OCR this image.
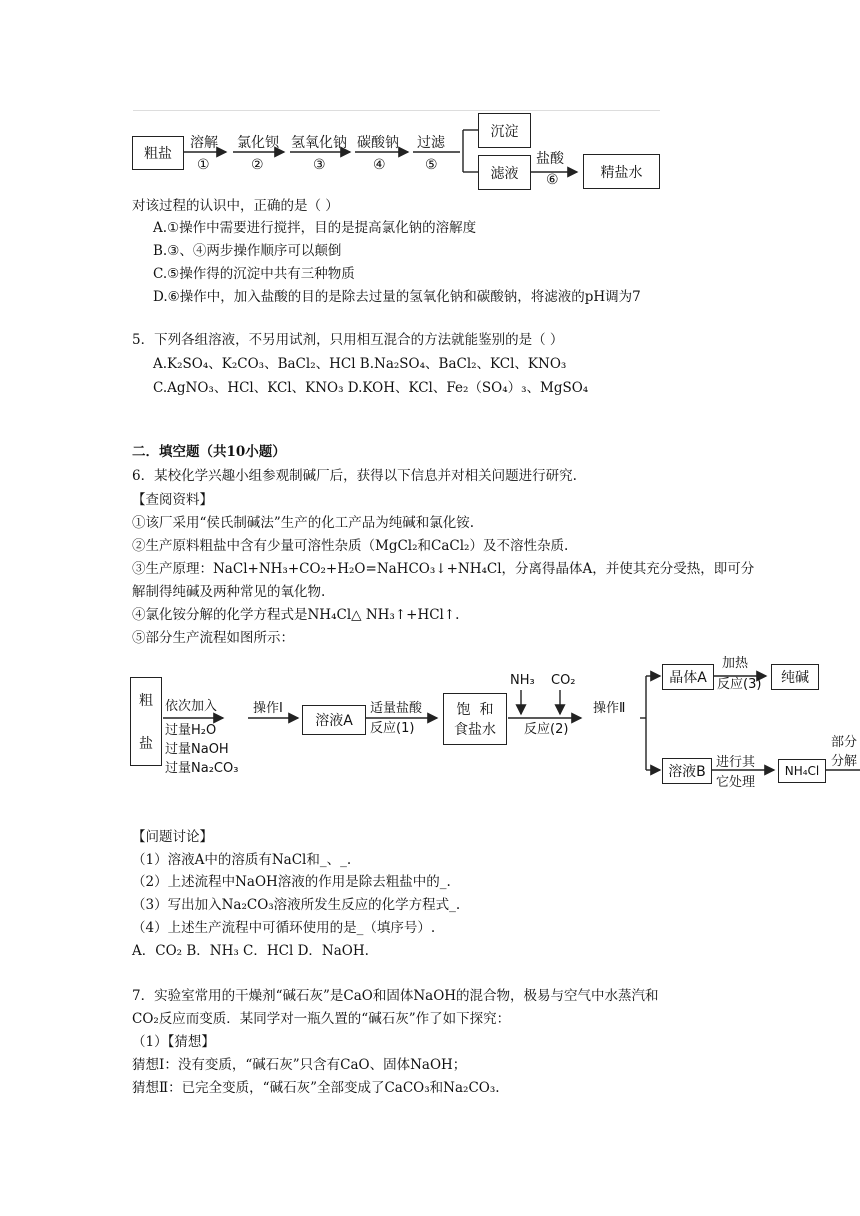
粗盐
溶解
①
氯化钡
②
氢氧化钠
③
碳酸钠
④
过滤
⑤
沉淀
滤液
盐酸
⑥	精盐水
对该过程的认识中，正确的是（ ）
A.①操作中需要进行搅拌，目的是提高氯化钠的溶解度
B.③、④两步操作顺序可以颠倒
C.⑤操作得的沉淀中共有三种物质
D.⑥操作中，加入盐酸的目的是除去过量的氢氧化钠和碳酸钠，将滤液的pH调为7
5．下列各组溶液，不另用试剂，只用相互混合的方法就能鉴别的是（ ）
A.K₂SO₄、K₂CO₃、BaCl₂、HCl B.Na₂SO₄、BaCl₂、KCl、KNO₃
C.AgNO₃、HCl、KCl、KNO₃ D.KOH、KCl、Fe₂（SO₄）₃、MgSO₄
二．填空题（共10小题）
6．某校化学兴趣小组参观制碱厂后，获得以下信息并对相关问题进行研究.
【查阅资料】
①该厂采用“侯氏制碱法”生产的化工产品为纯碱和氯化铵.
②生产原料粗盐中含有少量可溶性杂质（MgCl₂和CaCl₂）及不溶性杂质.
③生产原理：NaCl+NH₃+CO₂+H₂O=NaHCO₃↓+NH₄Cl，分离得晶体A，并使其充分受热，即可分
解制得纯碱及两种常见的氧化物.
④氯化铵分解的化学方程式是NH₄Cl△ NH₃↑+HCl↑.
⑤部分生产流程如图所示：
粗
盐
依次加入
过量H₂O
过量NaOH
过量Na₂CO₃
操作Ⅰ
溶液A
适量盐酸
反应(1)
饱  和
食盐水
NH₃ CO₂
反应(2)
操作Ⅱ
晶体A
加热
反应(3) 纯碱
溶液B
进行其
它处理
NH₄Cl
部分
分解
【问题讨论】
（1）溶液A中的溶质有NaCl和_、_.
（2）上述流程中NaOH溶液的作用是除去粗盐中的_.
（3）写出加入Na₂CO₃溶液所发生反应的化学方程式_.
（4）上述生产流程中可循环使用的是_（填序号）.
A．CO₂ B．NH₃ C．HCl D．NaOH.
7．实验室常用的干燥剂“碱石灰”是CaO和固体NaOH的混合物，极易与空气中水蒸汽和
CO₂反应而变质．某同学对一瓶久置的“碱石灰”作了如下探究：
（1）【猜想】
猜想Ⅰ：没有变质，“碱石灰”只含有CaO、固体NaOH；
猜想Ⅱ：已完全变质，“碱石灰”全部变成了CaCO₃和Na₂CO₃.
